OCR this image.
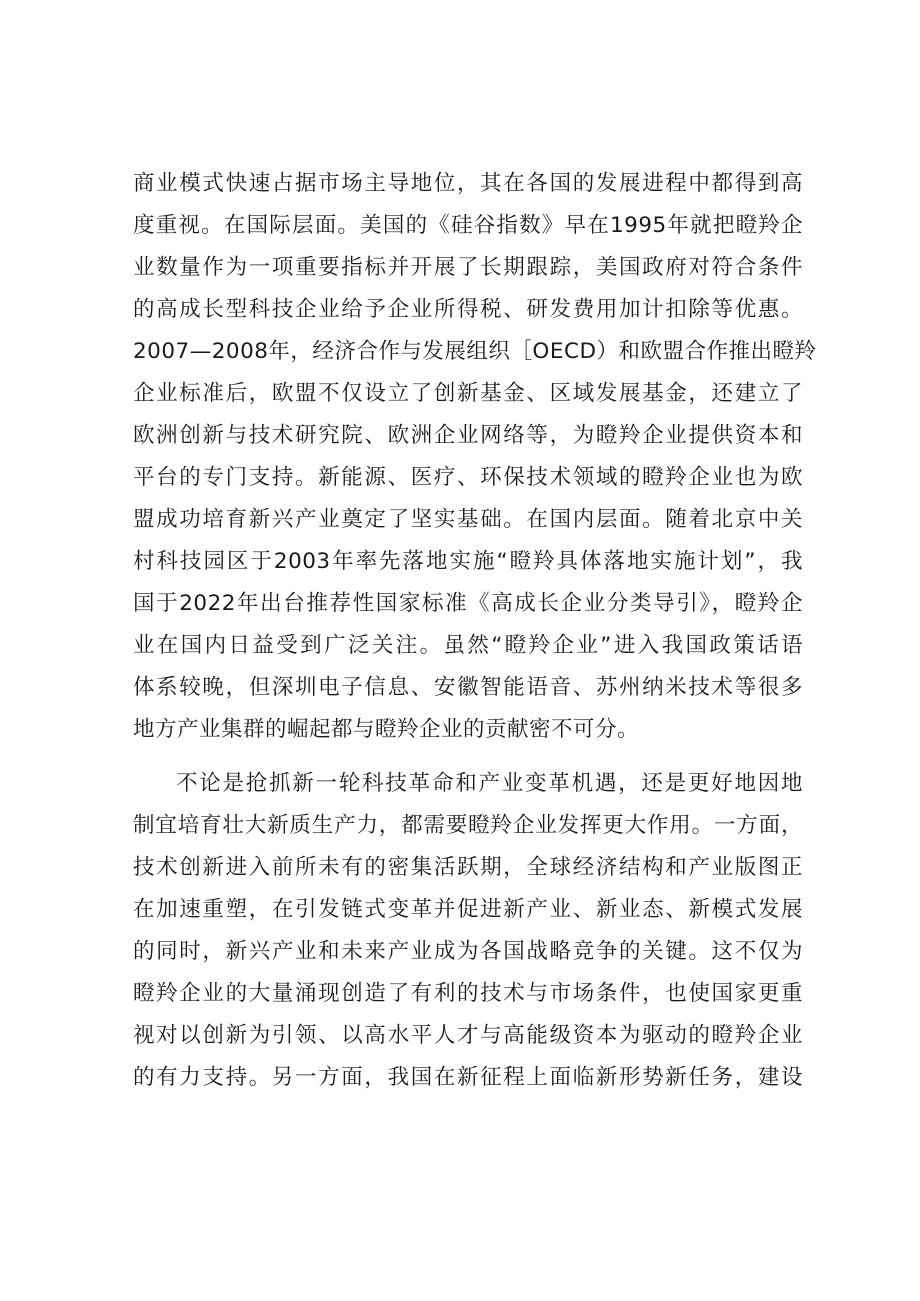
商业模式快速占据市场主导地位，其在各国的发展进程中都得到高
度重视。在国际层面。美国的《硅谷指数》早在1995年就把瞪羚企
业数量作为一项重要指标并开展了长期跟踪，美国政府对符合条件
的高成长型科技企业给予企业所得税、研发费用加计扣除等优惠。
2007—2008年，经济合作与发展组织［OECD）和欧盟合作推出瞪羚
企业标准后，欧盟不仅设立了创新基金、区域发展基金，还建立了
欧洲创新与技术研究院、欧洲企业网络等，为瞪羚企业提供资本和
平台的专门支持。新能源、医疗、环保技术领域的瞪羚企业也为欧
盟成功培育新兴产业奠定了坚实基础。在国内层面。随着北京中关
村科技园区于2003年率先落地实施“瞪羚具体落地实施计划”，我
国于2022年出台推荐性国家标准《高成长企业分类导引》，瞪羚企
业在国内日益受到广泛关注。虽然“瞪羚企业”进入我国政策话语
体系较晚，但深圳电子信息、安徽智能语音、苏州纳米技术等很多
地方产业集群的崛起都与瞪羚企业的贡献密不可分。
不论是抢抓新一轮科技革命和产业变革机遇，还是更好地因地
制宜培育壮大新质生产力，都需要瞪羚企业发挥更大作用。一方面，
技术创新进入前所未有的密集活跃期，全球经济结构和产业版图正
在加速重塑，在引发链式变革并促进新产业、新业态、新模式发展
的同时，新兴产业和未来产业成为各国战略竞争的关键。这不仅为
瞪羚企业的大量涌现创造了有利的技术与市场条件，也使国家更重
视对以创新为引领、以高水平人才与高能级资本为驱动的瞪羚企业
的有力支持。另一方面，我国在新征程上面临新形势新任务，建设
